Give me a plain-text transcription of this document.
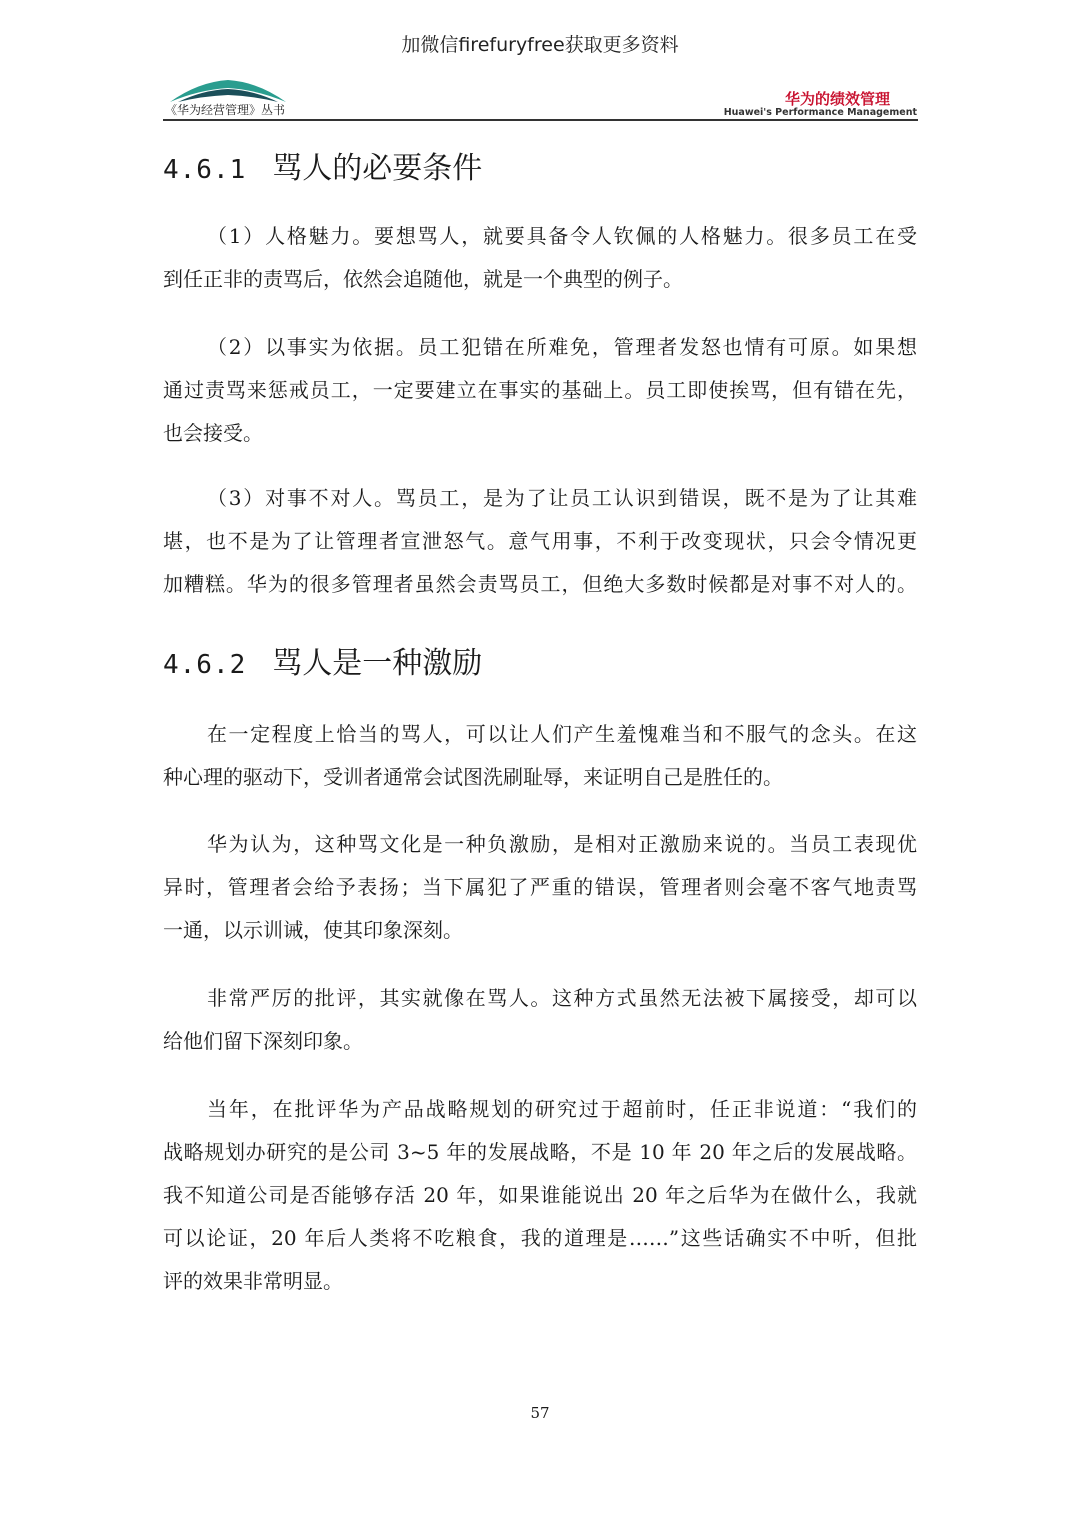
加微信firefuryfree获取更多资料
《华为经营管理》丛书
华为的绩效管理
Huawei's Performance Management
4.6.1 骂人的必要条件

（1）人格魅力。要想骂人，就要具备令人钦佩的人格魅力。很多员工在受
到任正非的责骂后，依然会追随他，就是一个典型的例子。

（2）以事实为依据。员工犯错在所难免，管理者发怒也情有可原。如果想
通过责骂来惩戒员工，一定要建立在事实的基础上。员工即使挨骂，但有错在先，
也会接受。

（3）对事不对人。骂员工，是为了让员工认识到错误，既不是为了让其难
堪，也不是为了让管理者宣泄怒气。意气用事，不利于改变现状，只会令情况更
加糟糕。华为的很多管理者虽然会责骂员工，但绝大多数时候都是对事不对人的。

4.6.2 骂人是一种激励

在一定程度上恰当的骂人，可以让人们产生羞愧难当和不服气的念头。在这
种心理的驱动下，受训者通常会试图洗刷耻辱，来证明自己是胜任的。

华为认为，这种骂文化是一种负激励，是相对正激励来说的。当员工表现优
异时，管理者会给予表扬；当下属犯了严重的错误，管理者则会毫不客气地责骂
一通，以示训诫，使其印象深刻。

非常严厉的批评，其实就像在骂人。这种方式虽然无法被下属接受，却可以
给他们留下深刻印象。

当年，在批评华为产品战略规划的研究过于超前时，任正非说道：“我们的
战略规划办研究的是公司 3~5 年的发展战略，不是 10 年 20 年之后的发展战略。
我不知道公司是否能够存活 20 年，如果谁能说出 20 年之后华为在做什么，我就
可以论证，20 年后人类将不吃粮食，我的道理是……”这些话确实不中听，但批
评的效果非常明显。

57
